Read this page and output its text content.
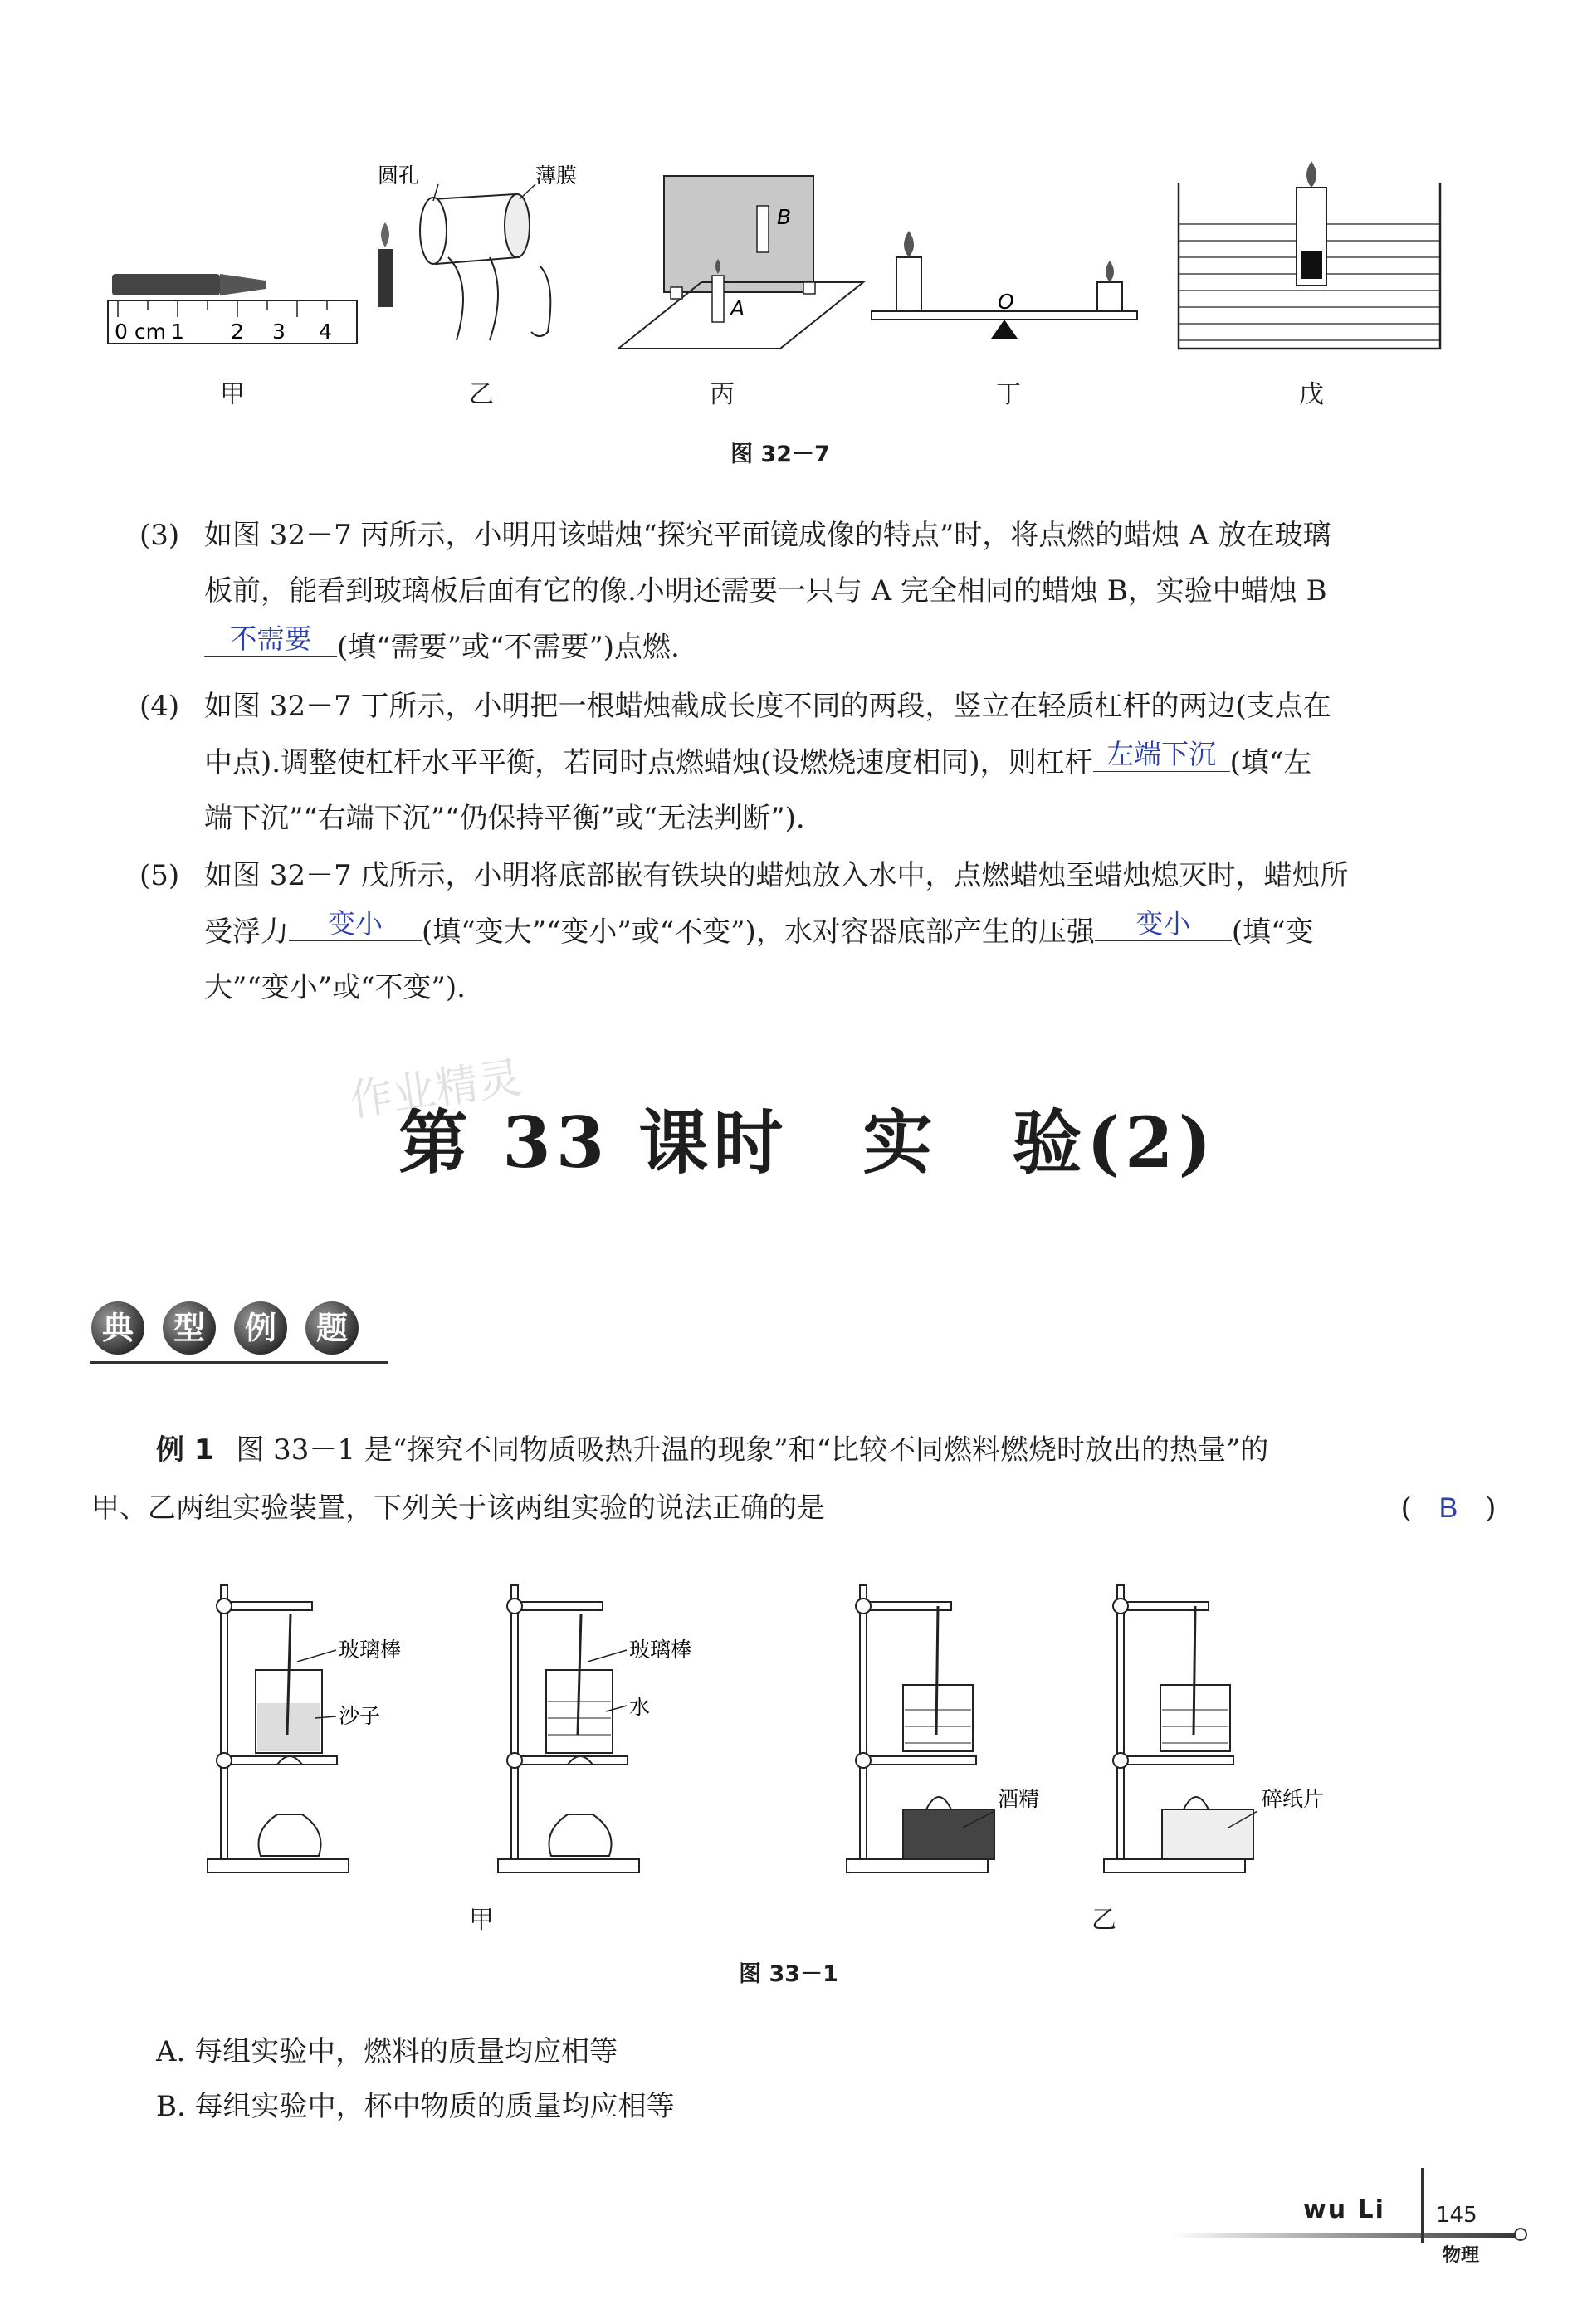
0 cm 1 2 3 4
圆孔	薄膜
B
A	O
甲	乙	丙	丁	戊
图 32－7
(3) 如图 32－7 丙所示，小明用该蜡烛“探究平面镜成像的特点”时，将点燃的蜡烛 A 放在玻璃
板前，能看到玻璃板后面有它的像.小明还需要一只与 A 完全相同的蜡烛 B，实验中蜡烛 B
不需要 (填“需要”或“不需要”)点燃.
(4) 如图 32－7 丁所示，小明把一根蜡烛截成长度不同的两段，竖立在轻质杠杆的两边(支点在
中点).调整使杠杆水平平衡，若同时点燃蜡烛(设燃烧速度相同)，则杠杆 左端下沉 (填“左
端下沉”“右端下沉”“仍保持平衡”或“无法判断”).
(5) 如图 32－7 戊所示，小明将底部嵌有铁块的蜡烛放入水中，点燃蜡烛至蜡烛熄灭时，蜡烛所
受浮力	变小	(填“变大”“变小”或“不变”)，水对容器底部产生的压强	变小	(填“变
大”“变小”或“不变”).
第 33 课时　实　验(2)
作业精灵
典	型	例	题
例 1 图 33－1 是“探究不同物质吸热升温的现象”和“比较不同燃料燃烧时放出的热量”的
甲、乙两组实验装置，下列关于该两组实验的说法正确的是	( B )
玻璃棒
沙子
玻璃棒
水
酒精	碎纸片
甲	乙
图 33－1
A. 每组实验中，燃料的质量均应相等
B. 每组实验中，杯中物质的质量均应相等
wu Li 145
物理
